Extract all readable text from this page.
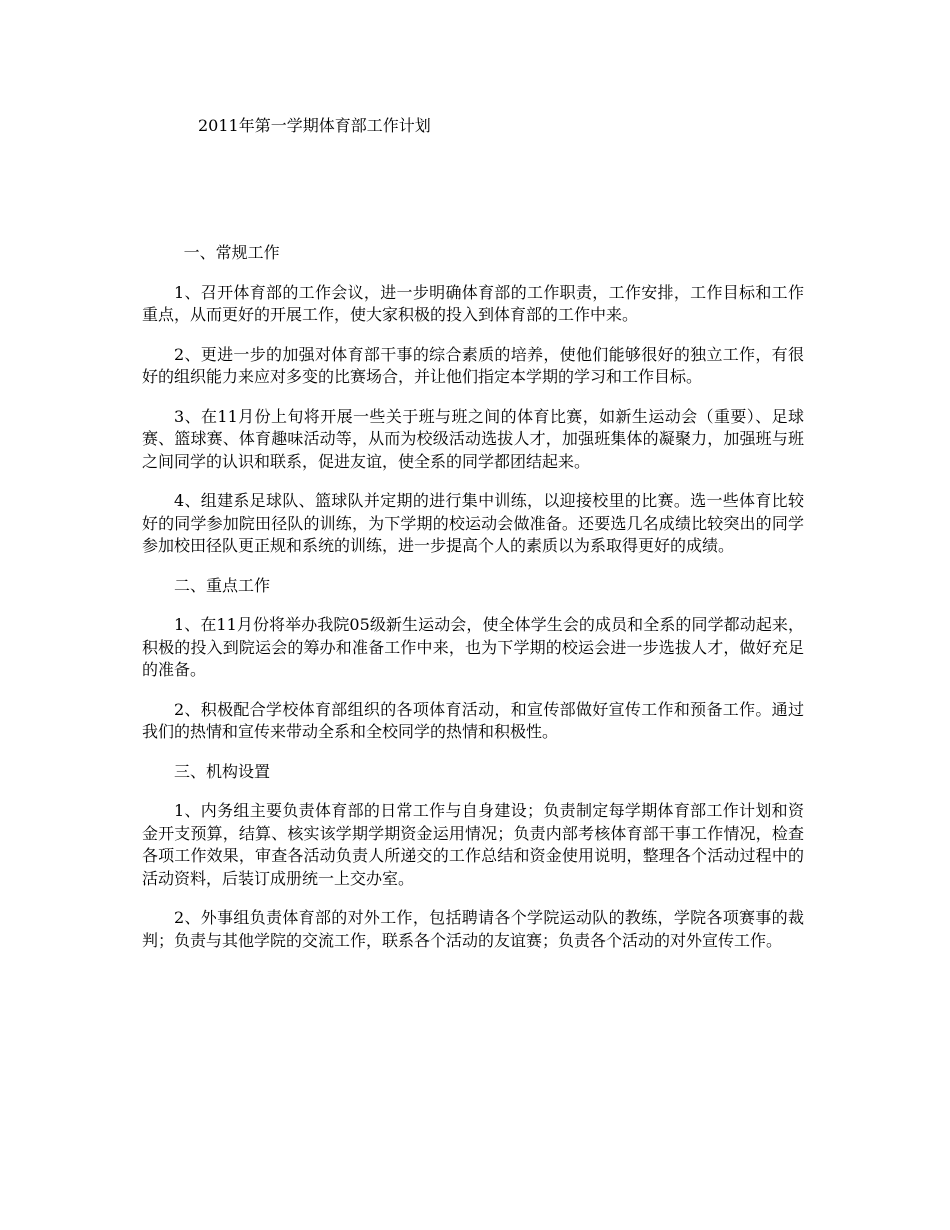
2011年第一学期体育部工作计划

一、常规工作

1、召开体育部的工作会议，进一步明确体育部的工作职责，工作安排，工作目标和工作重点，从而更好的开展工作，使大家积极的投入到体育部的工作中来。

2、更进一步的加强对体育部干事的综合素质的培养，使他们能够很好的独立工作，有很好的组织能力来应对多变的比赛场合，并让他们指定本学期的学习和工作目标。

3、在11月份上旬将开展一些关于班与班之间的体育比赛，如新生运动会（重要）、足球赛、篮球赛、体育趣味活动等，从而为校级活动选拔人才，加强班集体的凝聚力，加强班与班之间同学的认识和联系，促进友谊，使全系的同学都团结起来。

4、组建系足球队、篮球队并定期的进行集中训练，以迎接校里的比赛。选一些体育比较好的同学参加院田径队的训练，为下学期的校运动会做准备。还要选几名成绩比较突出的同学参加校田径队更正规和系统的训练，进一步提高个人的素质以为系取得更好的成绩。

二、重点工作

1、在11月份将举办我院05级新生运动会，使全体学生会的成员和全系的同学都动起来，积极的投入到院运会的筹办和准备工作中来，也为下学期的校运会进一步选拔人才，做好充足的准备。

2、积极配合学校体育部组织的各项体育活动，和宣传部做好宣传工作和预备工作。通过我们的热情和宣传来带动全系和全校同学的热情和积极性。

三、机构设置

1、内务组主要负责体育部的日常工作与自身建设；负责制定每学期体育部工作计划和资金开支预算，结算、核实该学期学期资金运用情况；负责内部考核体育部干事工作情况，检查各项工作效果，审查各活动负责人所递交的工作总结和资金使用说明，整理各个活动过程中的活动资料，后装订成册统一上交办室。

2、外事组负责体育部的对外工作，包括聘请各个学院运动队的教练，学院各项赛事的裁判；负责与其他学院的交流工作，联系各个活动的友谊赛；负责各个活动的对外宣传工作。
